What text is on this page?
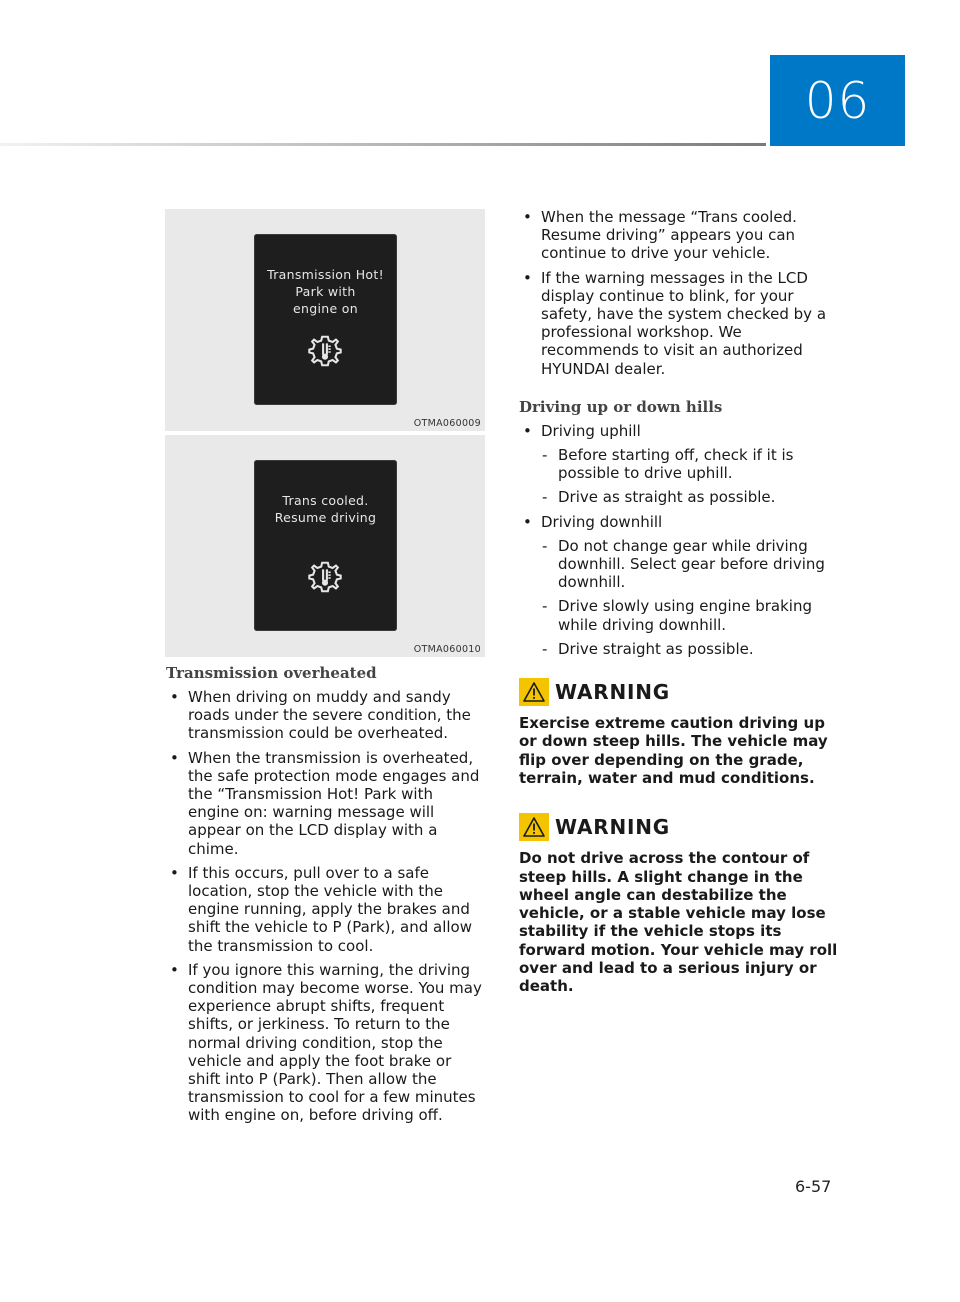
06
Transmission Hot!
Park with
engine on
OTMA060009
Trans cooled.
Resume driving
OTMA060010
Transmission overheated
• When driving on muddy and sandy roads under the severe condition, the transmission could be overheated.
• When the transmission is overheated, the safe protection mode engages and the “Transmission Hot! Park with engine on: warning message will appear on the LCD display with a chime.
• If this occurs, pull over to a safe location, stop the vehicle with the engine running, apply the brakes and shift the vehicle to P (Park), and allow the transmission to cool.
• If you ignore this warning, the driving condition may become worse. You may experience abrupt shifts, frequent shifts, or jerkiness. To return to the normal driving condition, stop the vehicle and apply the foot brake or shift into P (Park). Then allow the transmission to cool for a few minutes with engine on, before driving off.
• When the message “Trans cooled. Resume driving” appears you can continue to drive your vehicle.
• If the warning messages in the LCD display continue to blink, for your safety, have the system checked by a professional workshop. We recommends to visit an authorized HYUNDAI dealer.
Driving up or down hills
• Driving uphill
- Before starting off, check if it is possible to drive uphill.
- Drive as straight as possible.
• Driving downhill
- Do not change gear while driving downhill. Select gear before driving downhill.
- Drive slowly using engine braking while driving downhill.
- Drive straight as possible.
WARNING
Exercise extreme caution driving up or down steep hills. The vehicle may flip over depending on the grade, terrain, water and mud conditions.
WARNING
Do not drive across the contour of steep hills. A slight change in the wheel angle can destabilize the vehicle, or a stable vehicle may lose stability if the vehicle stops its forward motion. Your vehicle may roll over and lead to a serious injury or death.
6-57
